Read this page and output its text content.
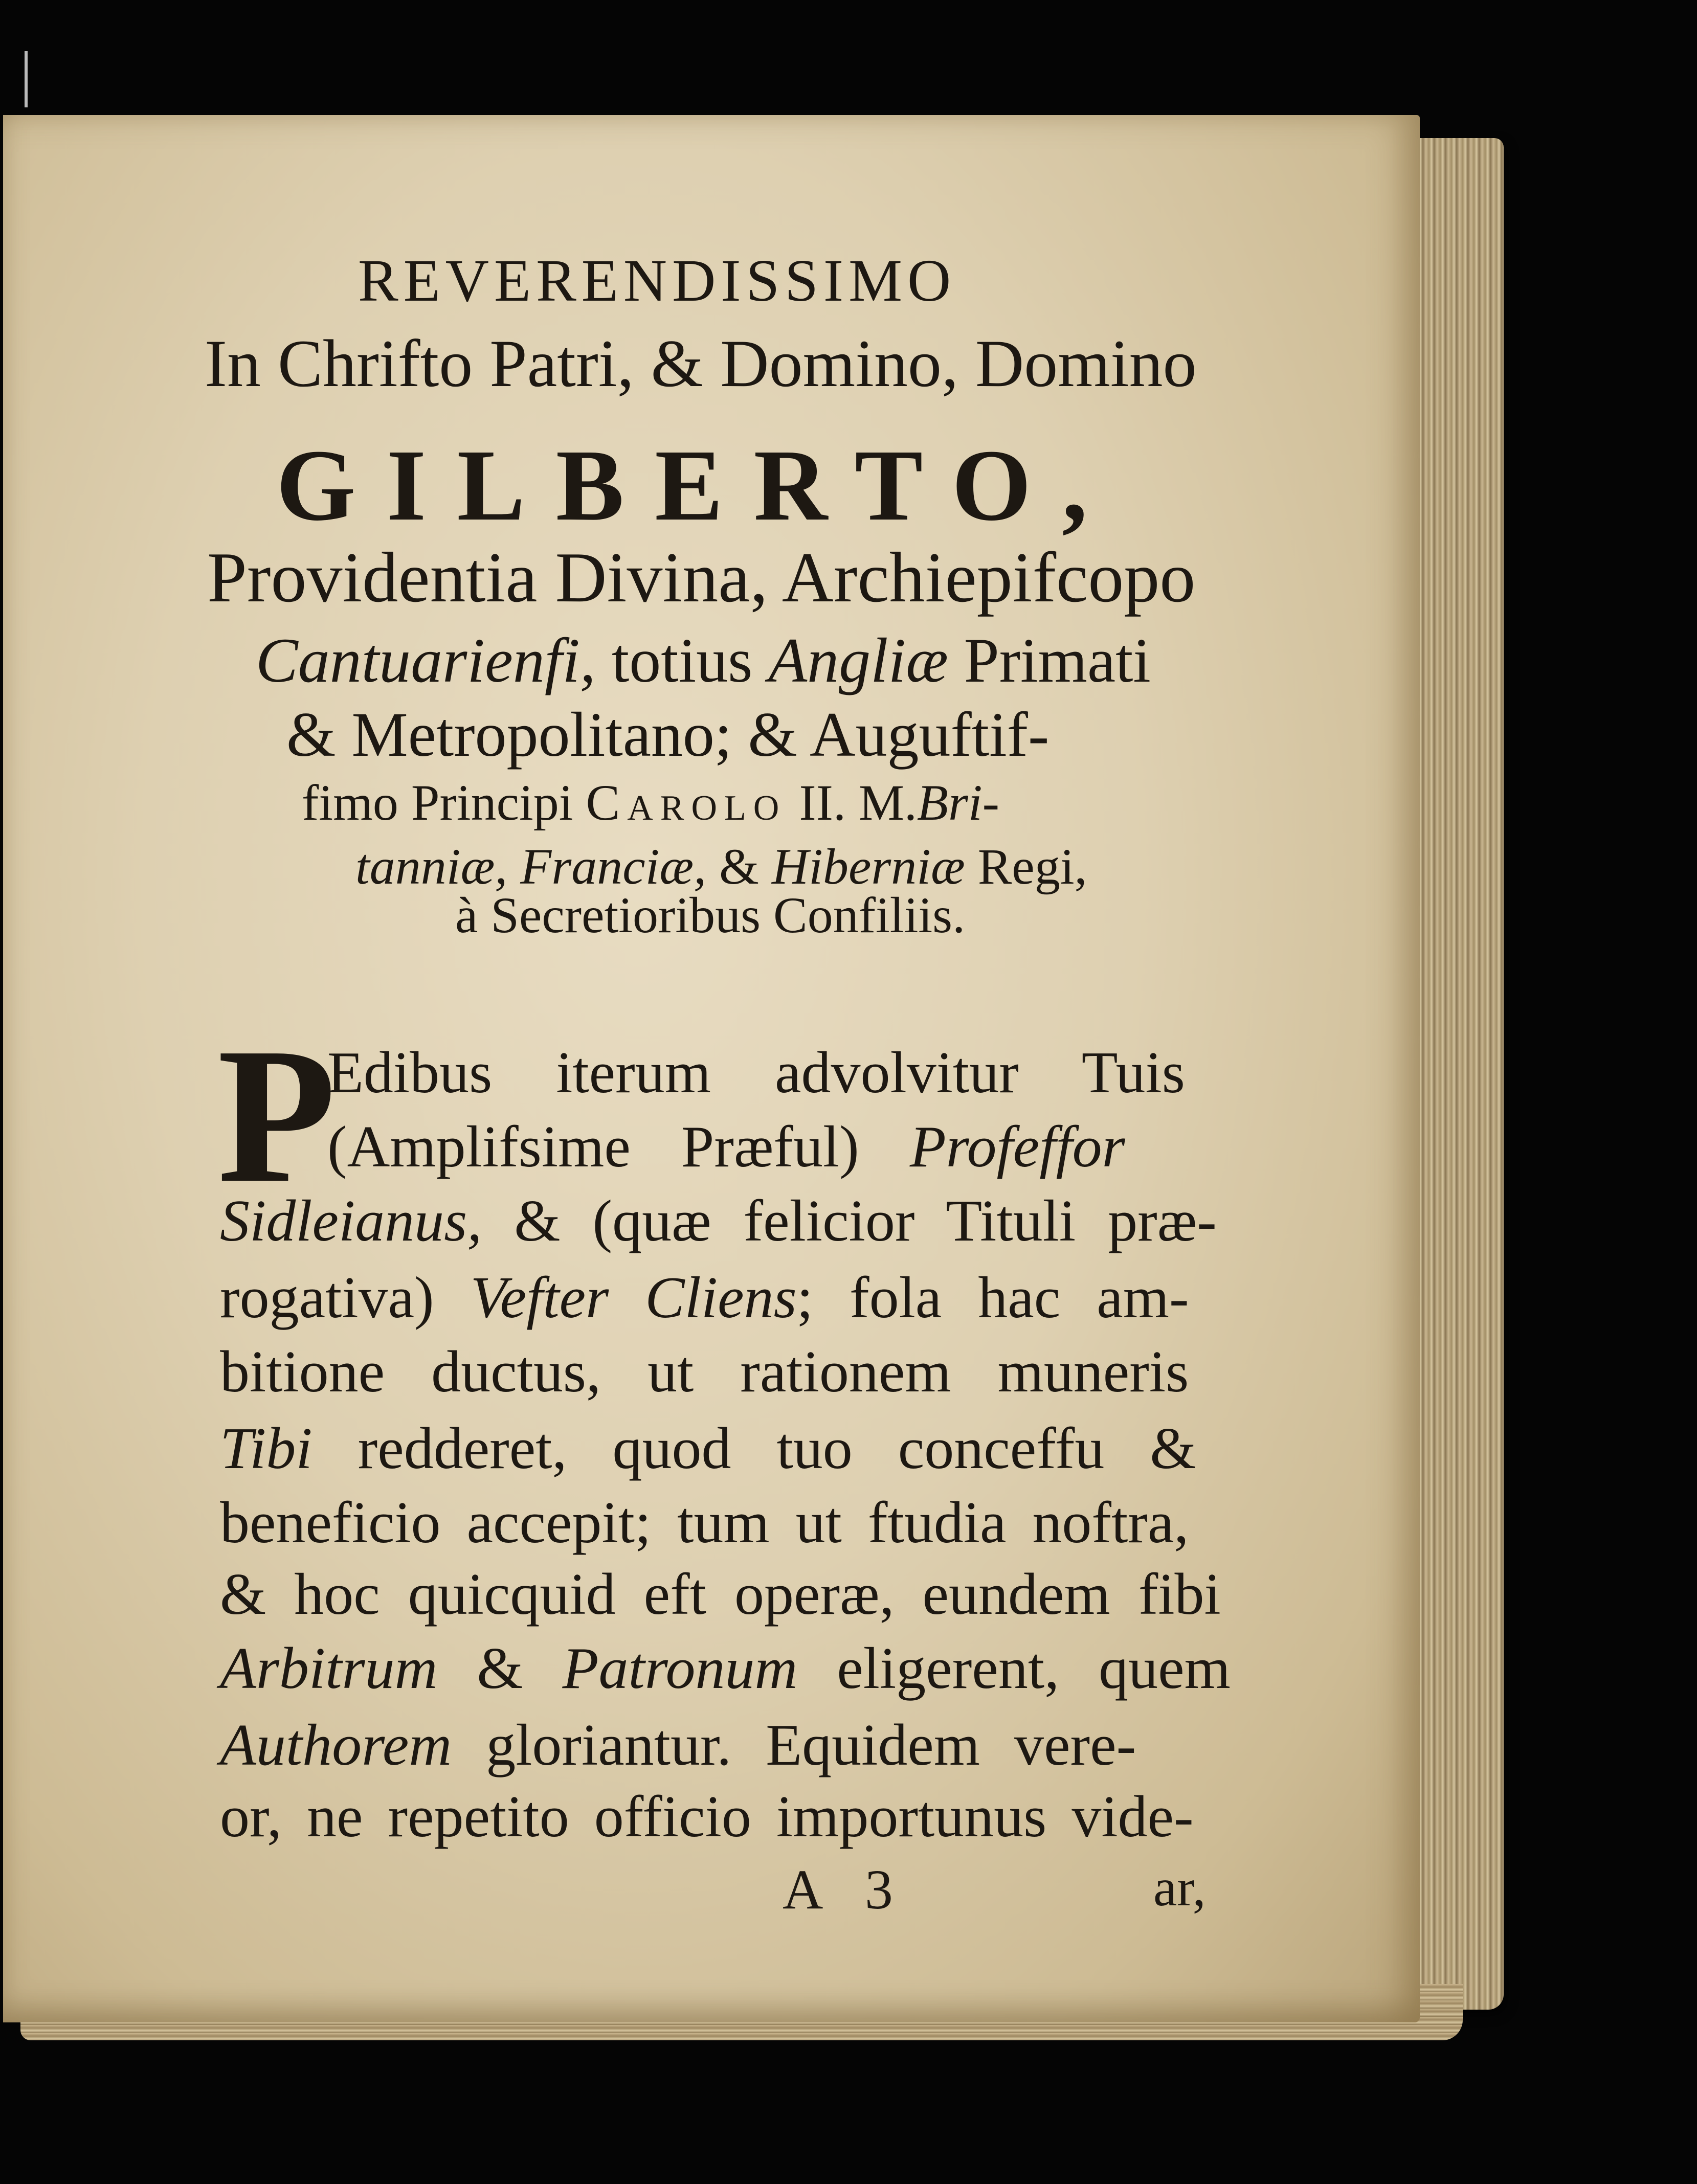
REVERENDISSIMO
In Chrifto Patri, & Domino, Domino
GILBERTO,
Providentia Divina, Archiepifcopo
Cantuarienfi, totius Angliæ Primati
& Metropolitano; & Auguftif-
fimo Principi Carolo II. M.Bri-
tanniæ, Franciæ, & Hiberniæ Regi,
à Secretioribus Confiliis.
P
Edibus iterum advolvitur Tuis
(Amplifsime Præful) Profeffor
Sidleianus, & (quæ felicior Tituli præ-
rogativa) Vefter Cliens; fola hac am-
bitione ductus, ut rationem muneris
Tibi redderet, quod tuo conceffu &
beneficio accepit; tum ut ftudia noftra,
& hoc quicquid eft operæ, eundem fibi
Arbitrum & Patronum eligerent, quem
Authorem gloriantur. Equidem vere-
or, ne repetito officio importunus vide-
A 3	ar,
